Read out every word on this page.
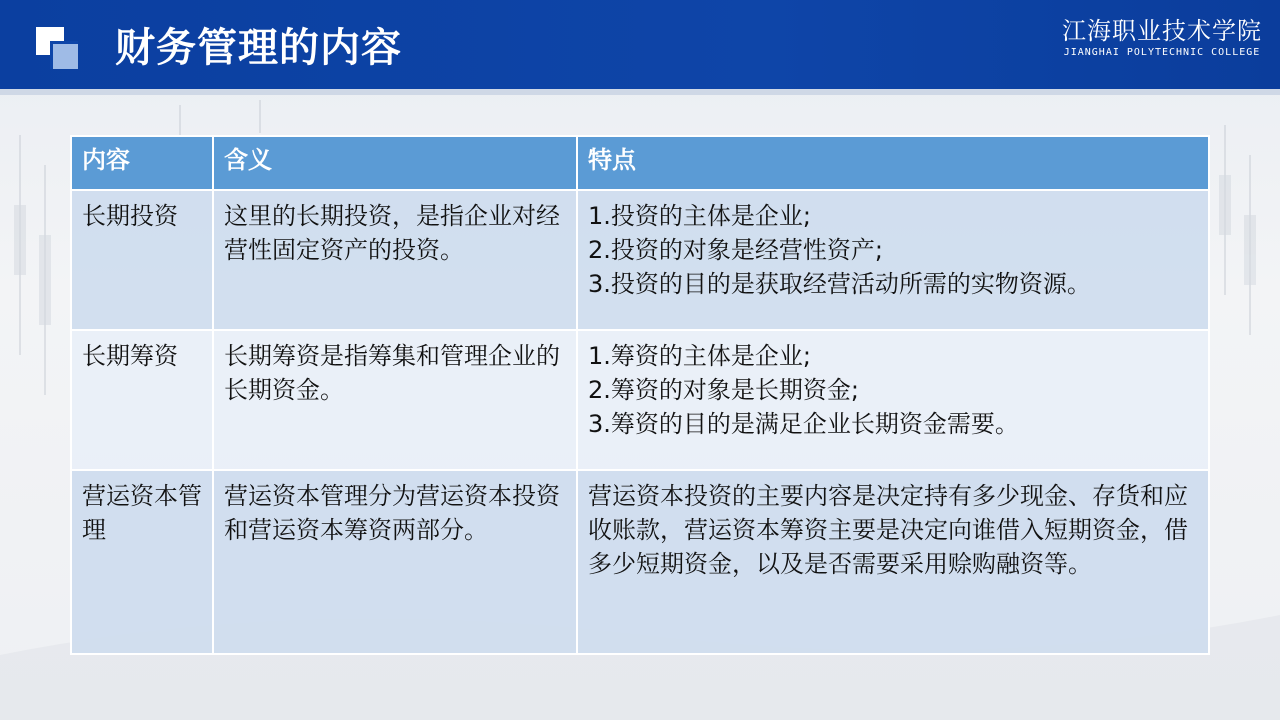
财务管理的内容	江海职业技术学院
JIANGHAI POLYTECHNIC COLLEGE
内容	含义	特点
长期投资	这里的长期投资，是指企业对经营性固定资产的投资。	1.投资的主体是企业;
2.投资的对象是经营性资产;
3.投资的目的是获取经营活动所需的实物资源。

长期筹资	长期筹资是指筹集和管理企业的长期资金。	1.筹资的主体是企业;
2.筹资的对象是长期资金;
3.筹资的目的是满足企业长期资金需要。

营运资本管理	营运资本管理分为营运资本投资和营运资本筹资两部分。	营运资本投资的主要内容是决定持有多少现金、存货和应收账款，营运资本筹资主要是决定向谁借入短期资金，借多少短期资金，以及是否需要采用赊购融资等。
